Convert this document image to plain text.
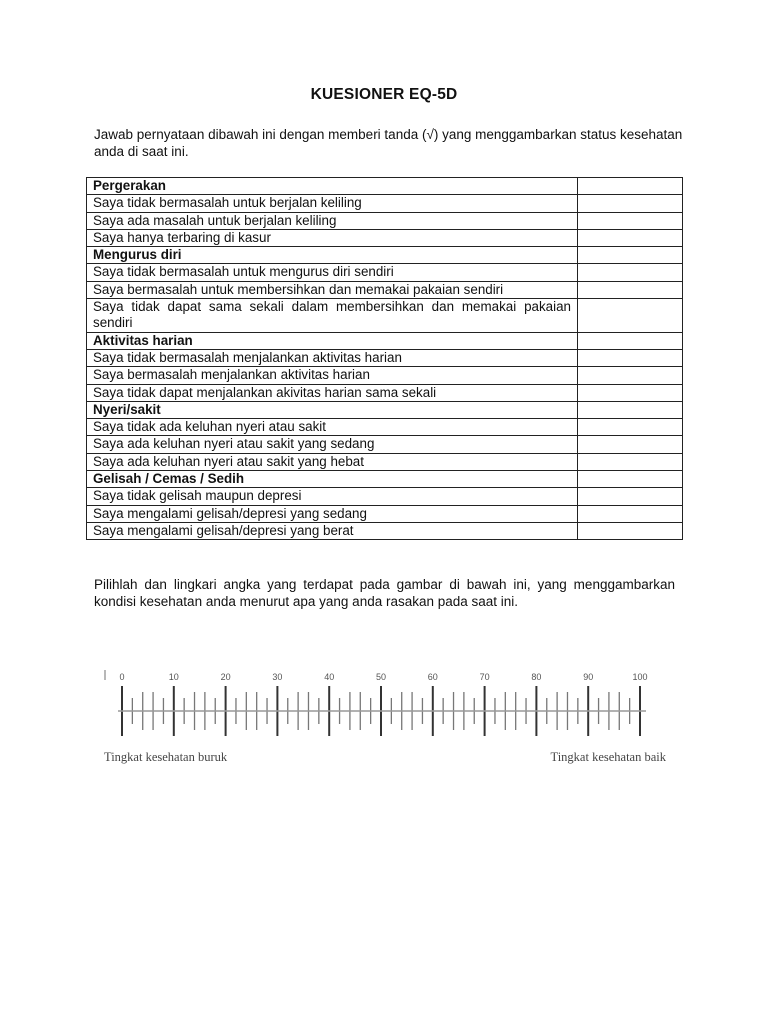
KUESIONER EQ-5D
Jawab pernyataan dibawah ini dengan memberi tanda (√) yang menggambarkan status kesehatan anda di saat ini.
Pergerakan	
Saya tidak bermasalah untuk berjalan keliling	
Saya ada masalah untuk berjalan keliling	
Saya hanya terbaring di kasur	
Mengurus diri	
Saya tidak bermasalah untuk mengurus diri sendiri	
Saya bermasalah untuk membersihkan dan memakai pakaian sendiri	
Saya tidak dapat sama sekali dalam membersihkan dan memakai pakaian sendiri	
Aktivitas harian	
Saya tidak bermasalah menjalankan aktivitas harian	
Saya bermasalah menjalankan aktivitas harian	
Saya tidak dapat menjalankan akivitas harian sama sekali	
Nyeri/sakit	
Saya tidak ada keluhan nyeri atau sakit	
Saya ada keluhan nyeri atau sakit yang sedang	
Saya ada keluhan nyeri atau sakit yang hebat	
Gelisah / Cemas / Sedih	
Saya tidak gelisah maupun depresi	
Saya mengalami gelisah/depresi yang sedang	
Saya mengalami gelisah/depresi yang berat	
Pilihlah dan lingkari angka yang terdapat pada gambar di bawah ini, yang menggambarkan kondisi kesehatan anda menurut apa yang anda rasakan pada saat ini.
0	10	20	30	40	50	60	70	80	90	100
Tingkat kesehatan buruk	Tingkat kesehatan baik
